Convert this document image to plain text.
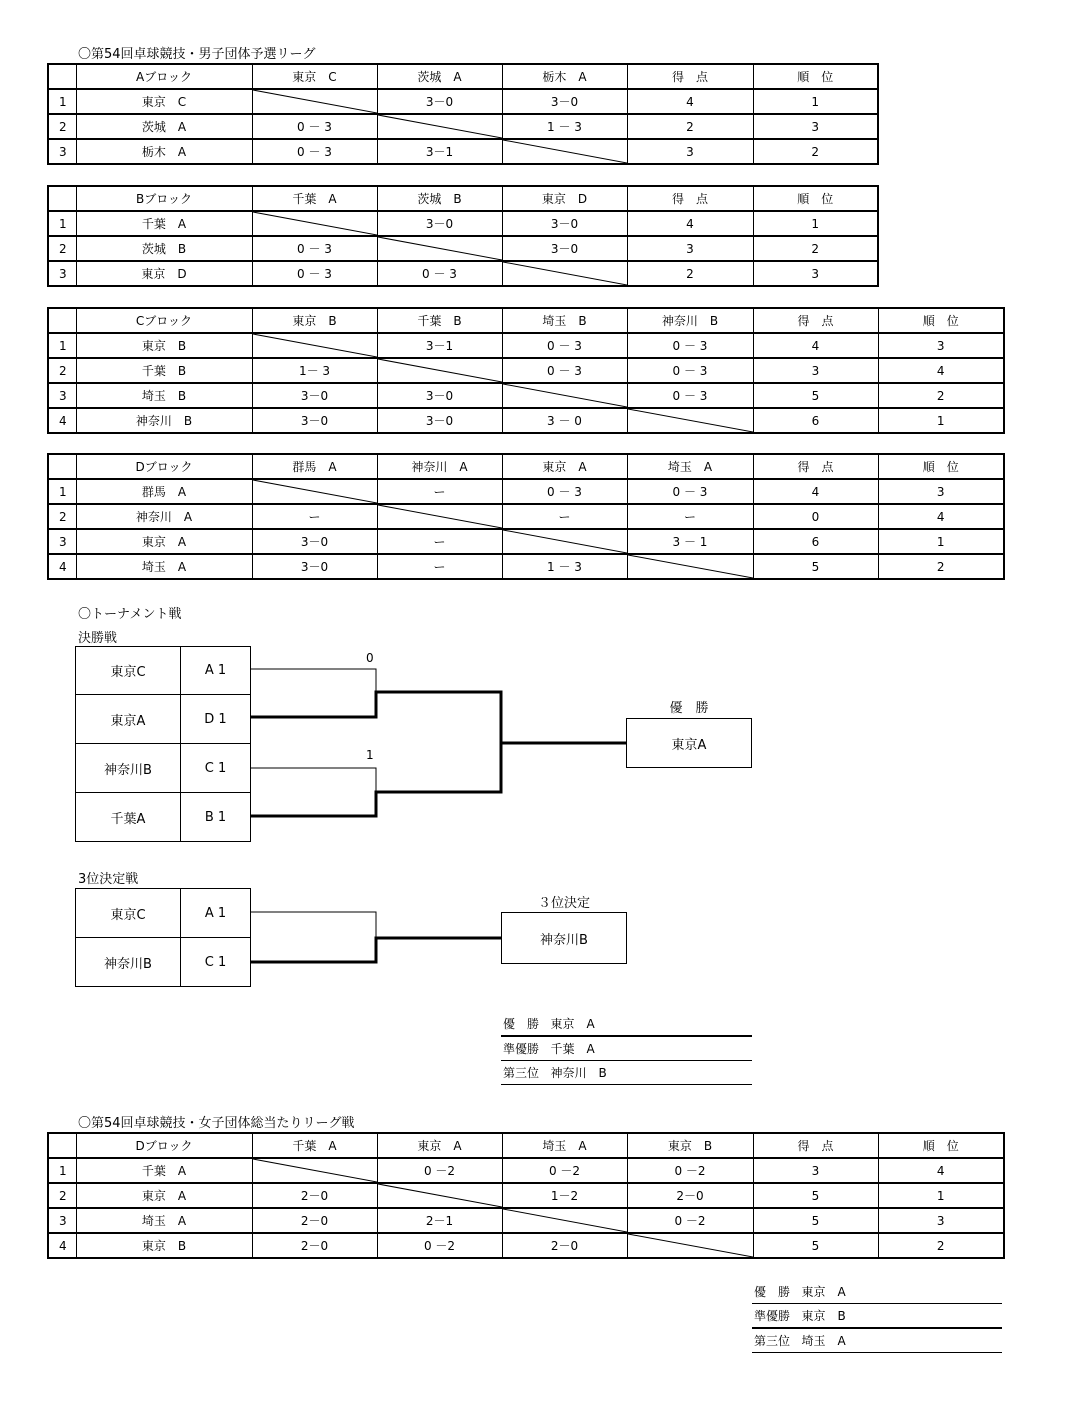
〇第54回卓球競技・男子団体予選リーグ
	Aブロック	東京　C	茨城　A	栃木　A	得　点	順　位
1	東京　C		3－0	3－0	4	1
2	茨城　A	0 － 3		1 － 3	2	3
3	栃木　A	0 － 3	3－1		3	2
	Bブロック	千葉　A	茨城　B	東京　D	得　点	順　位
1	千葉　A		3－0	3－0	4	1
2	茨城　B	0 － 3		3－0	3	2
3	東京　D	0 － 3	0 － 3		2	3
	Cブロック	東京　B	千葉　B	埼玉　B	神奈川　B	得　点	順　位
1	東京　B		3－1	0 － 3	0 － 3	4	3
2	千葉　B	1－ 3		0 － 3	0 － 3	3	4
3	埼玉　B	3－0	3－0		0 － 3	5	2
4	神奈川　B	3－0	3－0	3 － 0		6	1
	Dブロック	群馬　A	神奈川　A	東京　A	埼玉　A	得　点	順　位
1	群馬　A		ー	0 － 3	0 － 3	4	3
2	神奈川　A	ー		ー	ー	0	4
3	東京　A	3－0	ー		3 － 1	6	1
4	埼玉　A	3－0	ー	1 － 3		5	2
	Dブロック	千葉　A	東京　A	埼玉　A	東京　B	得　点	順　位
1	千葉　A		0 －2	0 －2	0 －2	3	4
2	東京　A	2－0		1－2	2－0	5	1
3	埼玉　A	2－0	2－1		0 －2	5	3
4	東京　B	2－0	0 －2	2－0		5	2
〇トーナメント戦
決勝戦
東京C	A 1
東京A	D 1
神奈川B	C 1
千葉A	B 1
0
1
優　勝
東京A
3位決定戦
東京C	A 1
神奈川B	C 1
３位決定
神奈川B
優　勝
東京　A
準優勝
千葉　A
第三位
神奈川　B
〇第54回卓球競技・女子団体総当たりリーグ戦
優　勝
東京　A
準優勝
東京　B
第三位
埼玉　A
